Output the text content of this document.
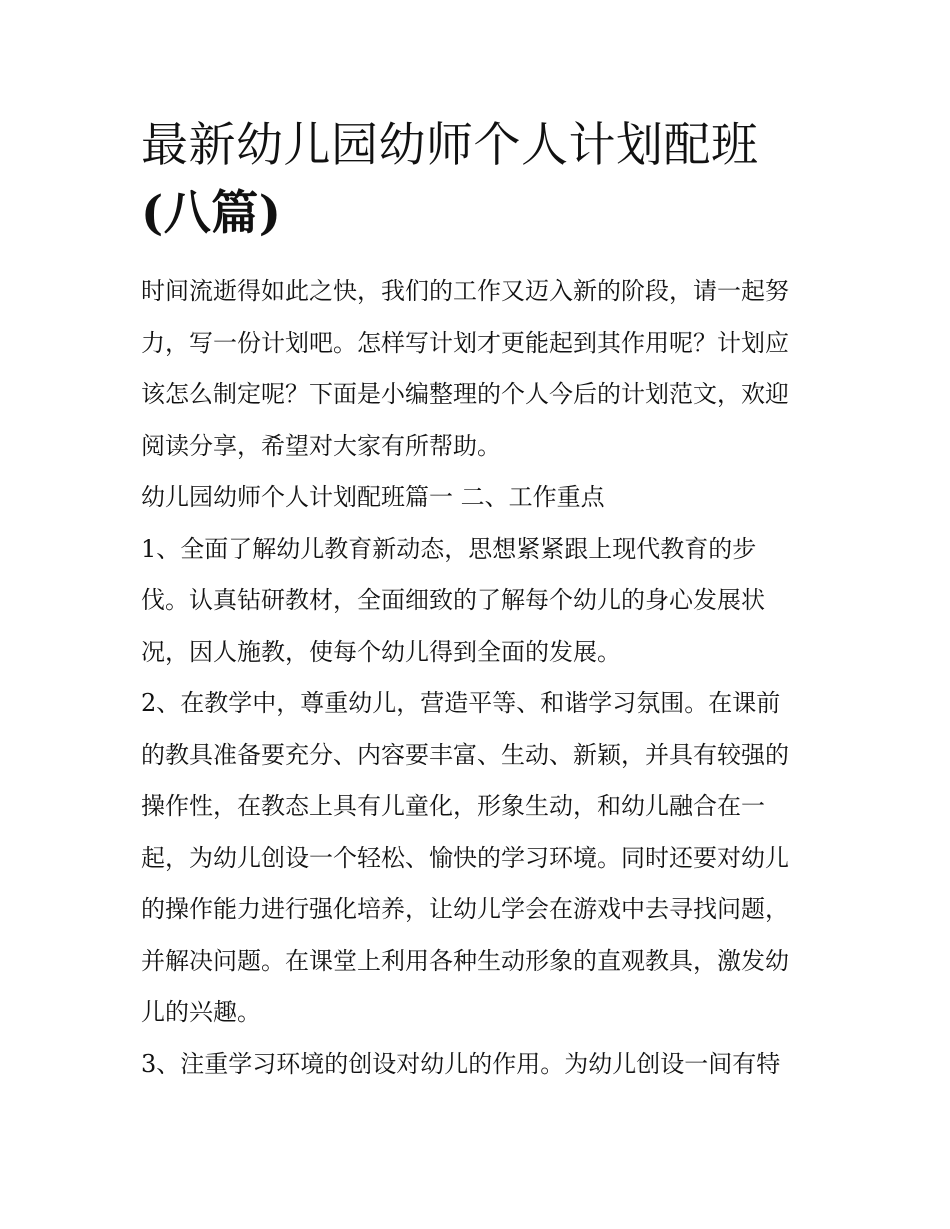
最新幼儿园幼师个人计划配班
(八篇)

时间流逝得如此之快，我们的工作又迈入新的阶段，请一起努
力，写一份计划吧。怎样写计划才更能起到其作用呢？计划应
该怎么制定呢？下面是小编整理的个人今后的计划范文，欢迎
阅读分享，希望对大家有所帮助。

幼儿园幼师个人计划配班篇一 二、工作重点

1、全面了解幼儿教育新动态，思想紧紧跟上现代教育的步
伐。认真钻研教材，全面细致的了解每个幼儿的身心发展状
况，因人施教，使每个幼儿得到全面的发展。

2、在教学中，尊重幼儿，营造平等、和谐学习氛围。在课前
的教具准备要充分、内容要丰富、生动、新颖，并具有较强的
操作性，在教态上具有儿童化，形象生动，和幼儿融合在一
起，为幼儿创设一个轻松、愉快的学习环境。同时还要对幼儿
的操作能力进行强化培养，让幼儿学会在游戏中去寻找问题，
并解决问题。在课堂上利用各种生动形象的直观教具，激发幼
儿的兴趣。

3、注重学习环境的创设对幼儿的作用。为幼儿创设一间有特
